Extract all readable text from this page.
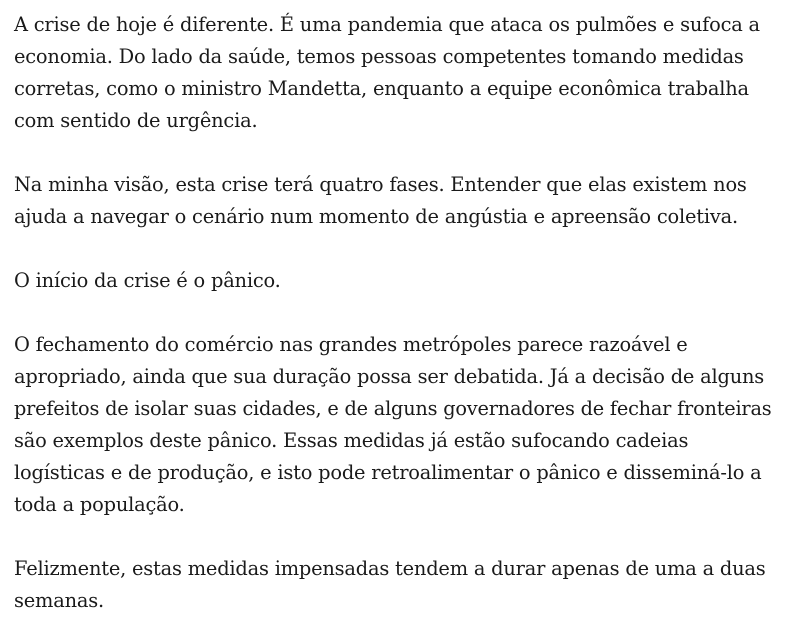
A crise de hoje é diferente. É uma pandemia que ataca os pulmões e sufoca a
economia. Do lado da saúde, temos pessoas competentes tomando medidas
corretas, como o ministro Mandetta, enquanto a equipe econômica trabalha
com sentido de urgência.

Na minha visão, esta crise terá quatro fases. Entender que elas existem nos
ajuda a navegar o cenário num momento de angústia e apreensão coletiva.

O início da crise é o pânico.

O fechamento do comércio nas grandes metrópoles parece razoável e
apropriado, ainda que sua duração possa ser debatida. Já a decisão de alguns
prefeitos de isolar suas cidades, e de alguns governadores de fechar fronteiras
são exemplos deste pânico. Essas medidas já estão sufocando cadeias
logísticas e de produção, e isto pode retroalimentar o pânico e disseminá-lo a
toda a população.

Felizmente, estas medidas impensadas tendem a durar apenas de uma a duas
semanas.
